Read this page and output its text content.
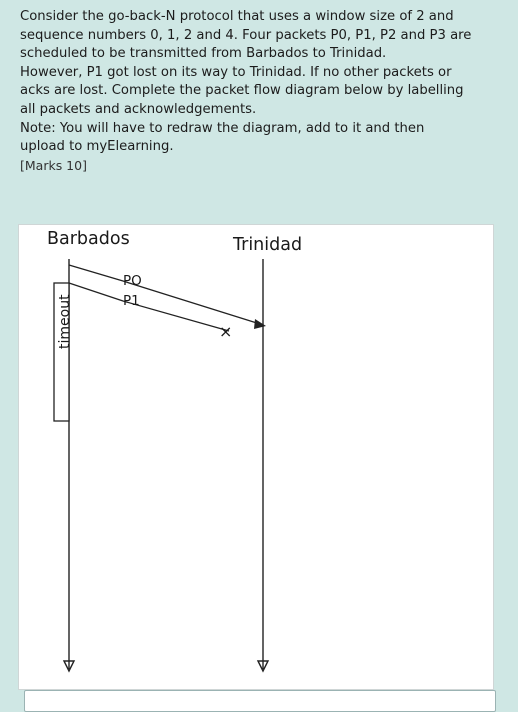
Consider the go-back-N protocol that uses a window size of 2 and

sequence numbers 0, 1, 2 and 4. Four packets P0, P1, P2 and P3 are

scheduled to be transmitted from Barbados to Trinidad.

However, P1 got lost on its way to Trinidad. If no other packets or

acks are lost. Complete the packet flow diagram below by labelling

all packets and acknowledgements.

Note: You will have to redraw the diagram, add to it and then

upload to myElearning.

[Marks 10]

Barbados	Trinidad
PO
P1
×
timeout
